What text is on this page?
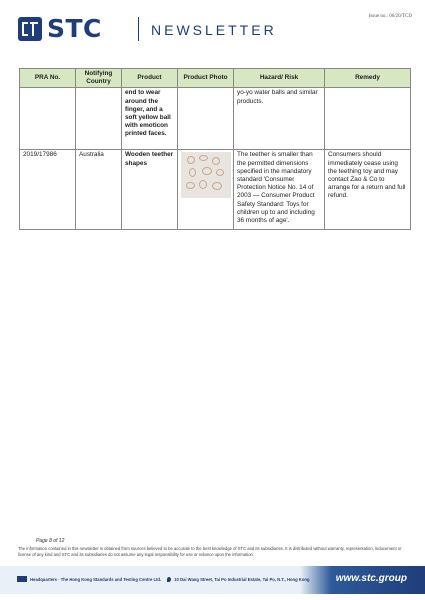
STC	NEWSLETTER
Issue no.: 06/20/TCD
PRA No.	Notifying Country	Product	Product Photo	Hazard/ Risk	Remedy
		end to wear around the finger, and a soft yellow ball with emoticon printed faces.		yo-yo water balls and similar products.	
2019/17986	Australia	Wooden teether shapes		The teether is smaller than the permitted dimensions specified in the mandatory standard 'Consumer Protection Notice No. 14 of 2003 — Consumer Product Safety Standard: Toys for children up to and including 36 months of age'.	Consumers should immediately cease using the teething toy and may contact Zao & Co to arrange for a return and full refund.
Page 8 of 12
The information contained in this newsletter is obtained from sources believed to be accurate to the best knowledge of STC and its subsidiaries. It is distributed without warranty, representation, inducement or license of any kind and STC and its subsidiaries do not assume any legal responsibility for use or reliance upon the information.
Headquarters - The Hong Kong Standards and Testing Centre Ltd.	10 Dai Wang Street, Tai Po Industrial Estate, Tai Po, N.T., Hong Kong	www.stc.group
